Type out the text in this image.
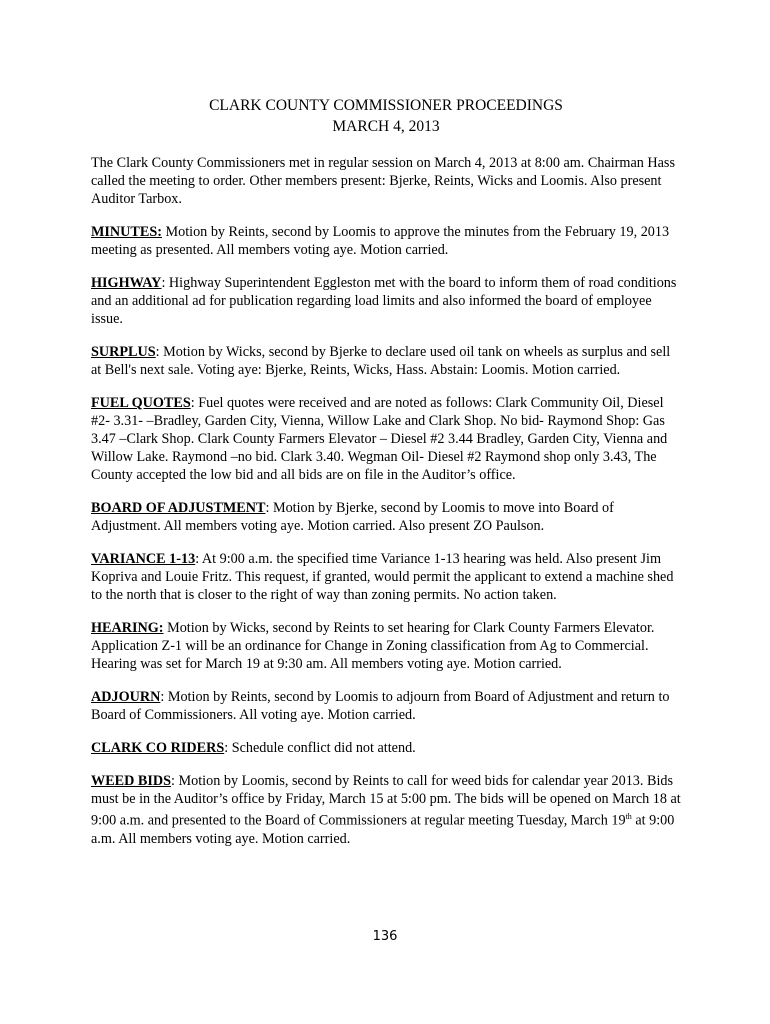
CLARK COUNTY COMMISSIONER PROCEEDINGS
MARCH 4, 2013

The Clark County Commissioners met in regular session on March 4, 2013 at 8:00 am. Chairman Hass called the meeting to order. Other members present: Bjerke, Reints, Wicks and Loomis. Also present Auditor Tarbox.

MINUTES: Motion by Reints, second by Loomis to approve the minutes from the February 19, 2013 meeting as presented. All members voting aye. Motion carried.

HIGHWAY: Highway Superintendent Eggleston met with the board to inform them of road conditions and an additional ad for publication regarding load limits and also informed the board of employee issue.

SURPLUS: Motion by Wicks, second by Bjerke to declare used oil tank on wheels as surplus and sell at Bell's next sale. Voting aye: Bjerke, Reints, Wicks, Hass. Abstain: Loomis. Motion carried.

FUEL QUOTES: Fuel quotes were received and are noted as follows: Clark Community Oil, Diesel #2- 3.31- –Bradley, Garden City, Vienna, Willow Lake and Clark Shop. No bid- Raymond Shop: Gas 3.47 –Clark Shop. Clark County Farmers Elevator – Diesel #2 3.44 Bradley, Garden City, Vienna and Willow Lake. Raymond –no bid. Clark 3.40. Wegman Oil- Diesel #2 Raymond shop only 3.43, The County accepted the low bid and all bids are on file in the Auditor’s office.

BOARD OF ADJUSTMENT: Motion by Bjerke, second by Loomis to move into Board of Adjustment. All members voting aye. Motion carried. Also present ZO Paulson.

VARIANCE 1-13: At 9:00 a.m. the specified time Variance 1-13 hearing was held. Also present Jim Kopriva and Louie Fritz. This request, if granted, would permit the applicant to extend a machine shed to the north that is closer to the right of way than zoning permits. No action taken.

HEARING: Motion by Wicks, second by Reints to set hearing for Clark County Farmers Elevator. Application Z-1 will be an ordinance for Change in Zoning classification from Ag to Commercial. Hearing was set for March 19 at 9:30 am. All members voting aye. Motion carried.

ADJOURN: Motion by Reints, second by Loomis to adjourn from Board of Adjustment and return to Board of Commissioners. All voting aye. Motion carried.

CLARK CO RIDERS: Schedule conflict did not attend.

WEED BIDS: Motion by Loomis, second by Reints to call for weed bids for calendar year 2013. Bids must be in the Auditor’s office by Friday, March 15 at 5:00 pm. The bids will be opened on March 18 at 9:00 a.m. and presented to the Board of Commissioners at regular meeting Tuesday, March 19th at 9:00 a.m. All members voting aye. Motion carried.

136
